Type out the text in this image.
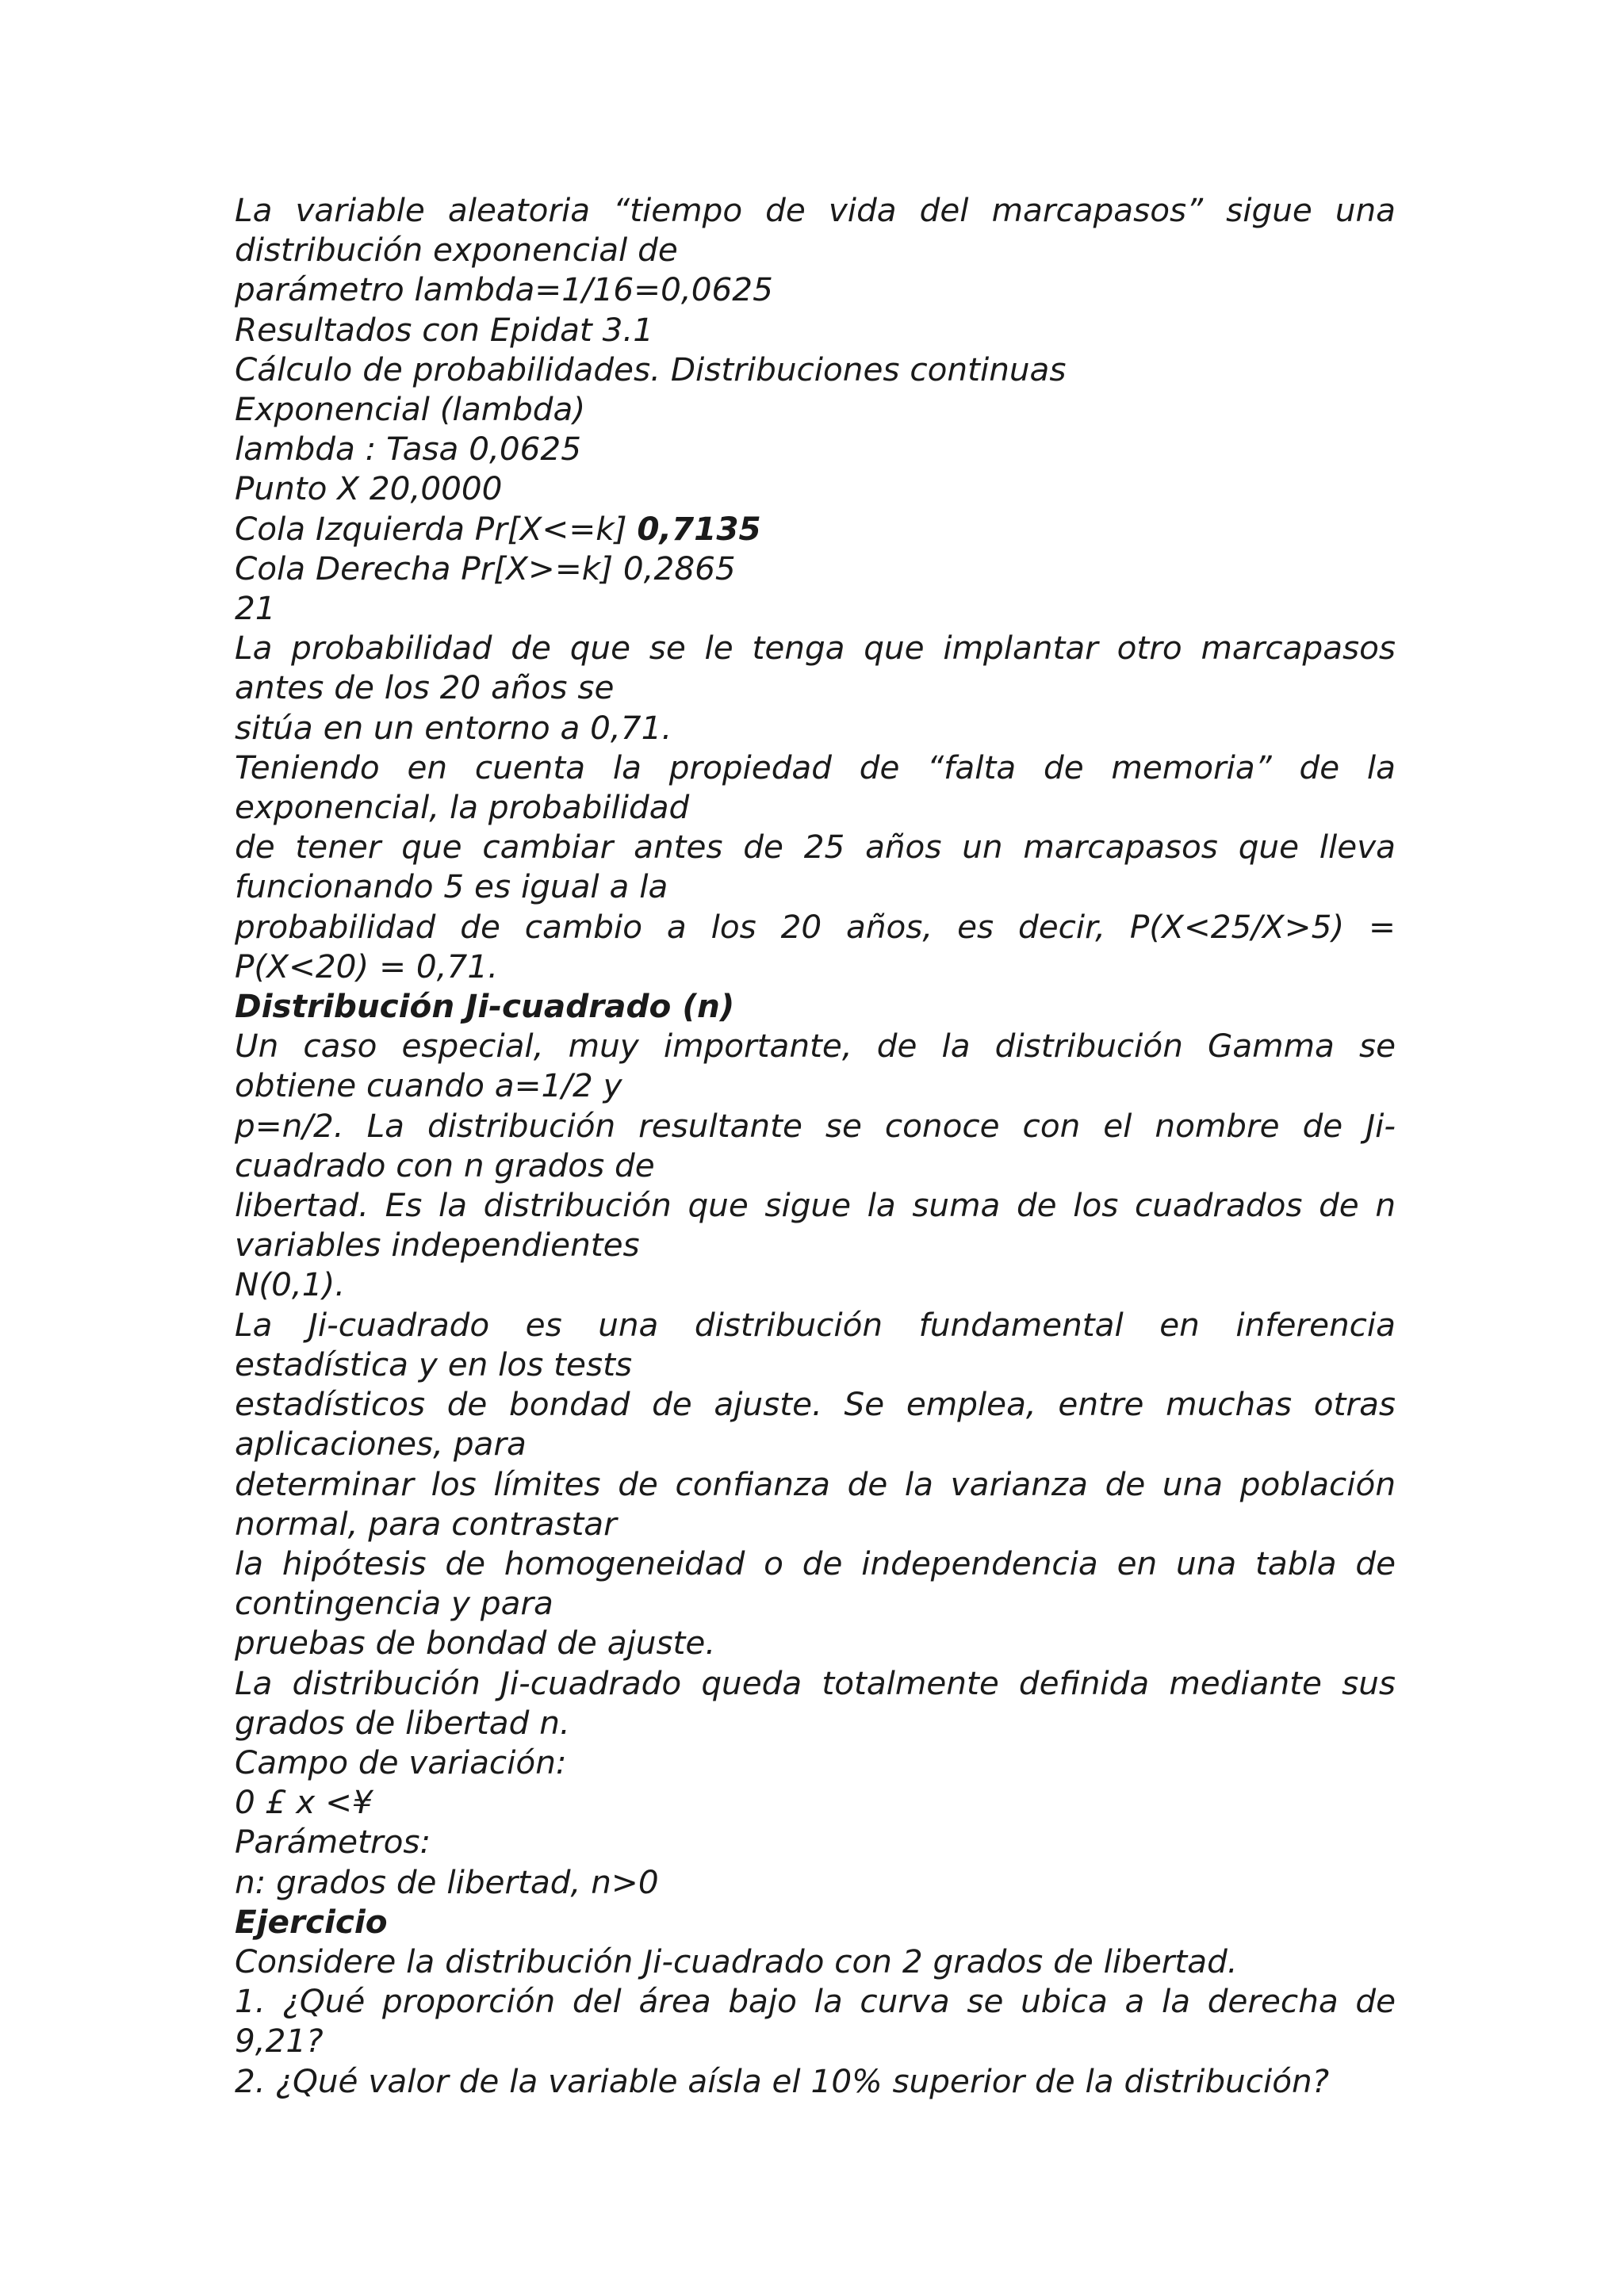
La variable aleatoria “tiempo de vida del marcapasos” sigue una distribución exponencial de

parámetro lambda=1/16=0,0625

Resultados con Epidat 3.1

Cálculo de probabilidades. Distribuciones continuas

Exponencial (lambda)

lambda : Tasa 0,0625

Punto X 20,0000

Cola Izquierda Pr[X<=k] 0,7135

Cola Derecha Pr[X>=k] 0,2865

21

La probabilidad de que se le tenga que implantar otro marcapasos antes de los 20 años se

sitúa en un entorno a 0,71.

Teniendo en cuenta la propiedad de “falta de memoria” de la exponencial, la probabilidad

de tener que cambiar antes de 25 años un marcapasos que lleva funcionando 5 es igual a la

probabilidad de cambio a los 20 años, es decir, P(X<25/X>5) = P(X<20) = 0,71.

Distribución Ji-cuadrado (n)

Un caso especial, muy importante, de la distribución Gamma se obtiene cuando a=1/2 y

p=n/2. La distribución resultante se conoce con el nombre de Ji-cuadrado con n grados de

libertad. Es la distribución que sigue la suma de los cuadrados de n variables independientes

N(0,1).

La Ji-cuadrado es una distribución fundamental en inferencia estadística y en los tests

estadísticos de bondad de ajuste. Se emplea, entre muchas otras aplicaciones, para

determinar los límites de confianza de la varianza de una población normal, para contrastar

la hipótesis de homogeneidad o de independencia en una tabla de contingencia y para

pruebas de bondad de ajuste.

La distribución Ji-cuadrado queda totalmente definida mediante sus grados de libertad n.

Campo de variación:

0 £ x <¥

Parámetros:

n: grados de libertad, n>0

Ejercicio

Considere la distribución Ji-cuadrado con 2 grados de libertad.

1. ¿Qué proporción del área bajo la curva se ubica a la derecha de 9,21?

2. ¿Qué valor de la variable aísla el 10% superior de la distribución?
